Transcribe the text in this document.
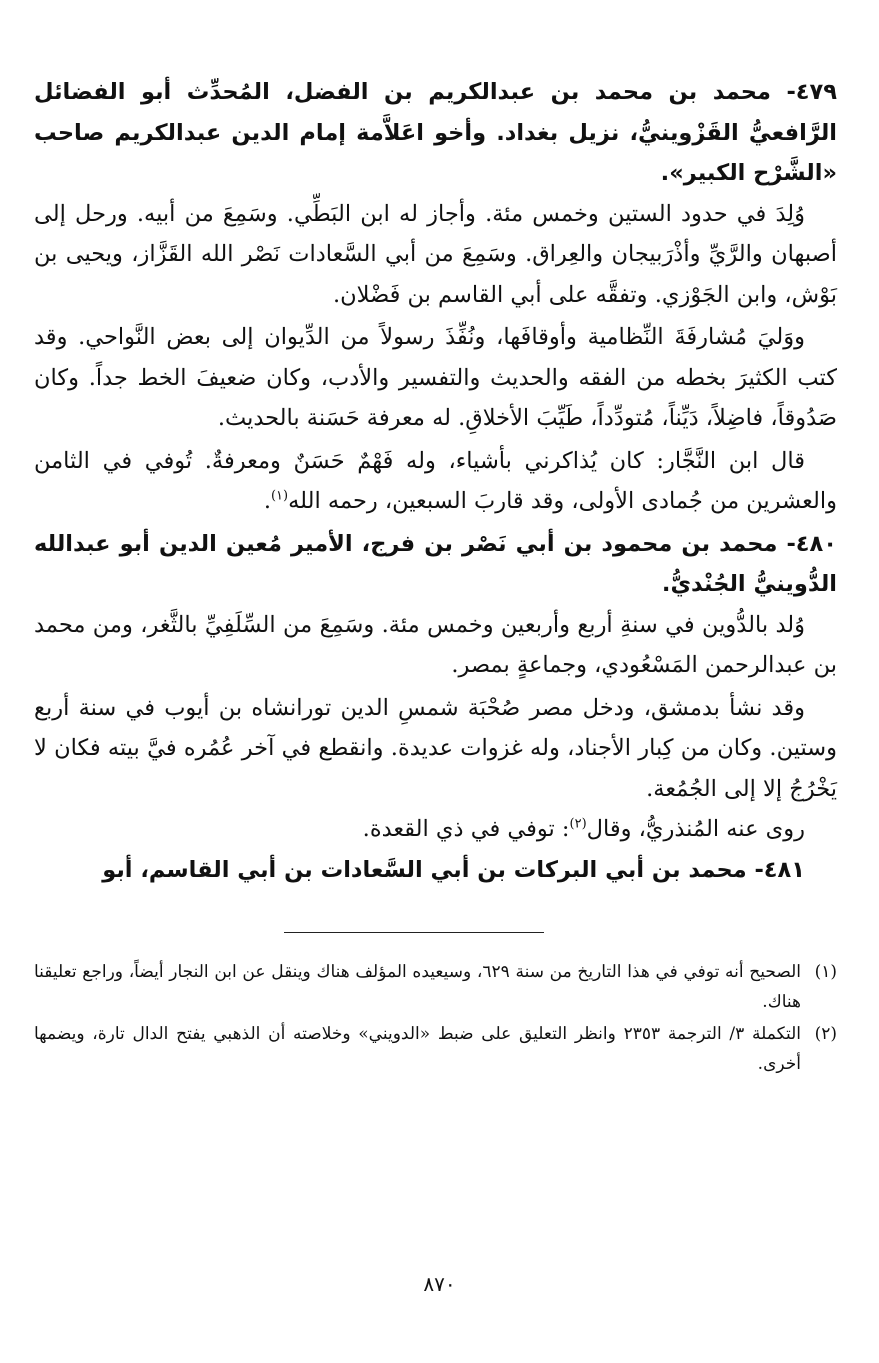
٤٧٩- محمد بن محمد بن عبدالكريم بن الفضل، المُحدِّث أبو الفضائل الرَّافعيُّ القَزْوينيُّ، نزيل بغداد. وأخو اعَلاَّمة إمام الدين عبدالكريم صاحب «الشَّرْح الكبير».

وُلِدَ في حدود الستين وخمس مئة. وأجاز له ابن البَطِّي. وسَمِعَ من أبيه. ورحل إلى أصبهان والرَّيِّ وأذْرَبيجان والعِراق. وسَمِعَ من أبي السَّعادات نَصْر الله القَزَّاز، ويحيى بن بَوْش، وابن الجَوْزي. وتفقَّه على أبي القاسم بن فَضْلان.

ووَليَ مُشارفَةَ النِّظامية وأوقافَها، ونُفِّذَ رسولاً من الدِّيوان إلى بعض النَّواحي. وقد كتب الكثيرَ بخطه من الفقه والحديث والتفسير والأدب، وكان ضعيفَ الخط جداً. وكان صَدُوقاً، فاضِلاً، دَيِّناً، مُتودِّداً، طَيِّبَ الأخلاقِ. له معرفة حَسَنة بالحديث.

قال ابن النَّجَّار: كان يُذاكرني بأشياء، وله فَهْمٌ حَسَنٌ ومعرفةٌ. تُوفي في الثامن والعشرين من جُمادى الأولى، وقد قاربَ السبعين، رحمه الله$^{(١)}$.

٤٨٠- محمد بن محمود بن أبي نَصْر بن فرج، الأمير مُعين الدين أبو عبدالله الدُّوينيُّ الجُنْديُّ.

وُلد بالدُّوين في سنةِ أربع وأربعين وخمس مئة. وسَمِعَ من السِّلَفِيِّ بالثَّغر، ومن محمد بن عبدالرحمن المَسْعُودي، وجماعةٍ بمصر.

وقد نشأ بدمشق، ودخل مصر صُحْبَة شمسِ الدين تورانشاه بن أيوب في سنة أربع وستين. وكان من كِبار الأجناد، وله غزوات عديدة. وانقطع في آخر عُمُره فيَّ بيته فكان لا يَخْرُجُ إلا إلى الجُمُعة.

روى عنه المُنذريُّ، وقال$^{(٢)}$: توفي في ذي القعدة.

٤٨١- محمد بن أبي البركات بن أبي السَّعادات بن أبي القاسم، أبو

(١)
الصحيح أنه توفي في هذا التاريخ من سنة ٦٢٩، وسيعيده المؤلف هناك وينقل عن ابن النجار أيضاً، وراجع تعليقنا هناك.
(٢)
التكملة ٣/ الترجمة ٢٣٥٣ وانظر التعليق على ضبط «الدويني» وخلاصته أن الذهبي يفتح الدال تارة، ويضمها أخرى.
٨٧٠
